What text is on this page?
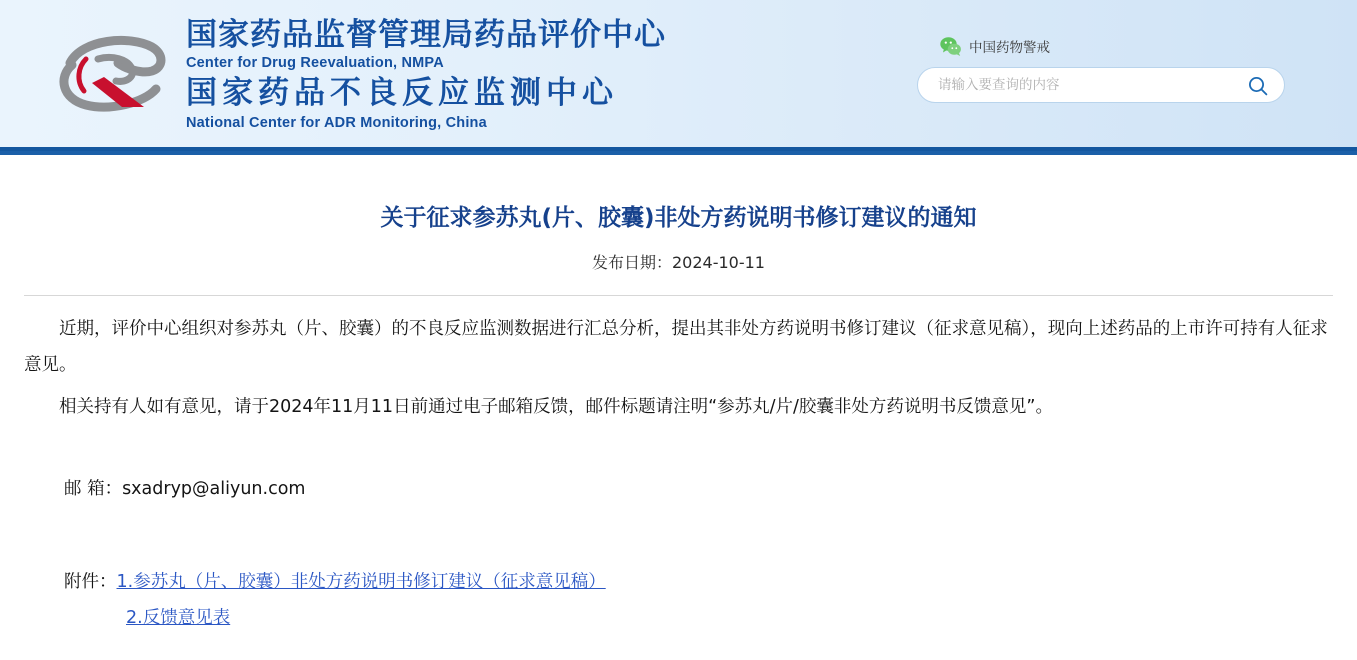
国家药品监督管理局药品评价中心
Center for Drug Reevaluation, NMPA
国家药品不良反应监测中心
National Center for ADR Monitoring, China
中国药物警戒
请输入要查询的内容
关于征求参苏丸(片、胶囊)非处方药说明书修订建议的通知
发布日期：2024-10-11

近期，评价中心组织对参苏丸（片、胶囊）的不良反应监测数据进行汇总分析，提出其非处方药说明书修订建议（征求意见稿），现向上述药品的上市许可持有人征求意见。

相关持有人如有意见，请于2024年11月11日前通过电子邮箱反馈，邮件标题请注明“参苏丸/片/胶囊非处方药说明书反馈意见”。

邮 箱：sxadryp@aliyun.com

附件：1.参苏丸（片、胶囊）非处方药说明书修订建议（征求意见稿）
2.反馈意见表
